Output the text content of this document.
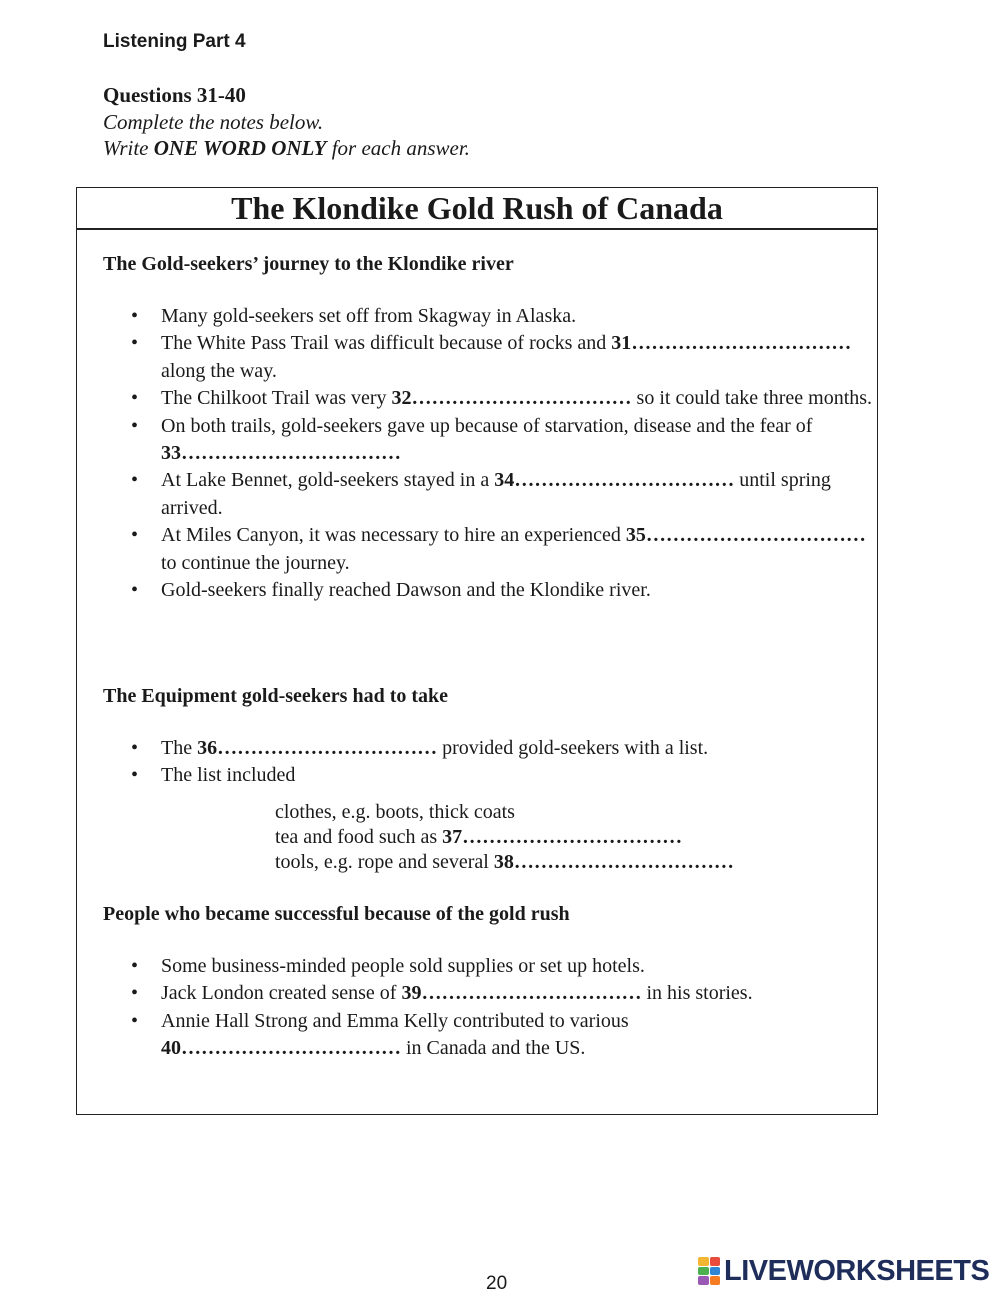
Listening Part 4
Questions 31-40
Complete the notes below.
Write ONE WORD ONLY for each answer.
The Klondike Gold Rush of Canada
The Gold-seekers’ journey to the Klondike river
• Many gold-seekers set off from Skagway in Alaska.
• The White Pass Trail was difficult because of rocks and 31…………………………… along the way.
• The Chilkoot Trail was very 32…………………………… so it could take three months.
• On both trails, gold-seekers gave up because of starvation, disease and the fear of 33……………………………
• At Lake Bennet, gold-seekers stayed in a 34…………………………… until spring arrived.
• At Miles Canyon, it was necessary to hire an experienced 35…………………………… to continue the journey.
• Gold-seekers finally reached Dawson and the Klondike river.
The Equipment gold-seekers had to take
• The 36…………………………… provided gold-seekers with a list.
• The list included
clothes, e.g. boots, thick coats
tea and food such as 37……………………………
tools, e.g. rope and several 38……………………………
People who became successful because of the gold rush
• Some business-minded people sold supplies or set up hotels.
• Jack London created sense of 39…………………………… in his stories.
• Annie Hall Strong and Emma Kelly contributed to various 40…………………………… in Canada and the US.
20	LIVEWORKSHEETS
